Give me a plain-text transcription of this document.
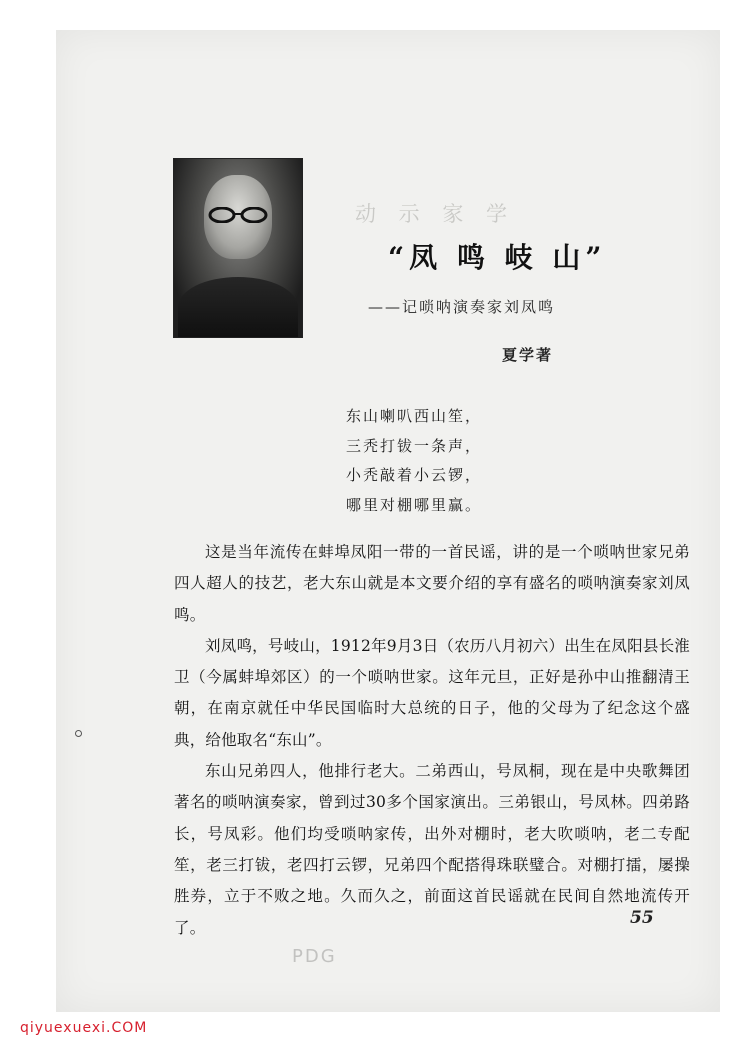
动 示 家 学
“凤 鸣 岐 山”
——记唢呐演奏家刘凤鸣
夏学著
东山喇叭西山笙，
三秃打钹一条声，
小秃敲着小云锣，
哪里对棚哪里赢。

这是当年流传在蚌埠凤阳一带的一首民谣，讲的是一个唢呐世家兄弟四人超人的技艺，老大东山就是本文要介绍的享有盛名的唢呐演奏家刘凤鸣。

刘凤鸣，号岐山，1912年9月3日（农历八月初六）出生在凤阳县长淮卫（今属蚌埠郊区）的一个唢呐世家。这年元旦，正好是孙中山推翻清王朝，在南京就任中华民国临时大总统的日子，他的父母为了纪念这个盛典，给他取名“东山”。

东山兄弟四人，他排行老大。二弟西山，号凤桐，现在是中央歌舞团著名的唢呐演奏家，曾到过30多个国家演出。三弟银山，号凤林。四弟路长，号凤彩。他们均受唢呐家传，出外对棚时，老大吹唢呐，老二专配笙，老三打钹，老四打云锣，兄弟四个配搭得珠联璧合。对棚打擂，屡操胜券，立于不败之地。久而久之，前面这首民谣就在民间自然地流传开了。

PDG
55
qiyuexuexi.COM
